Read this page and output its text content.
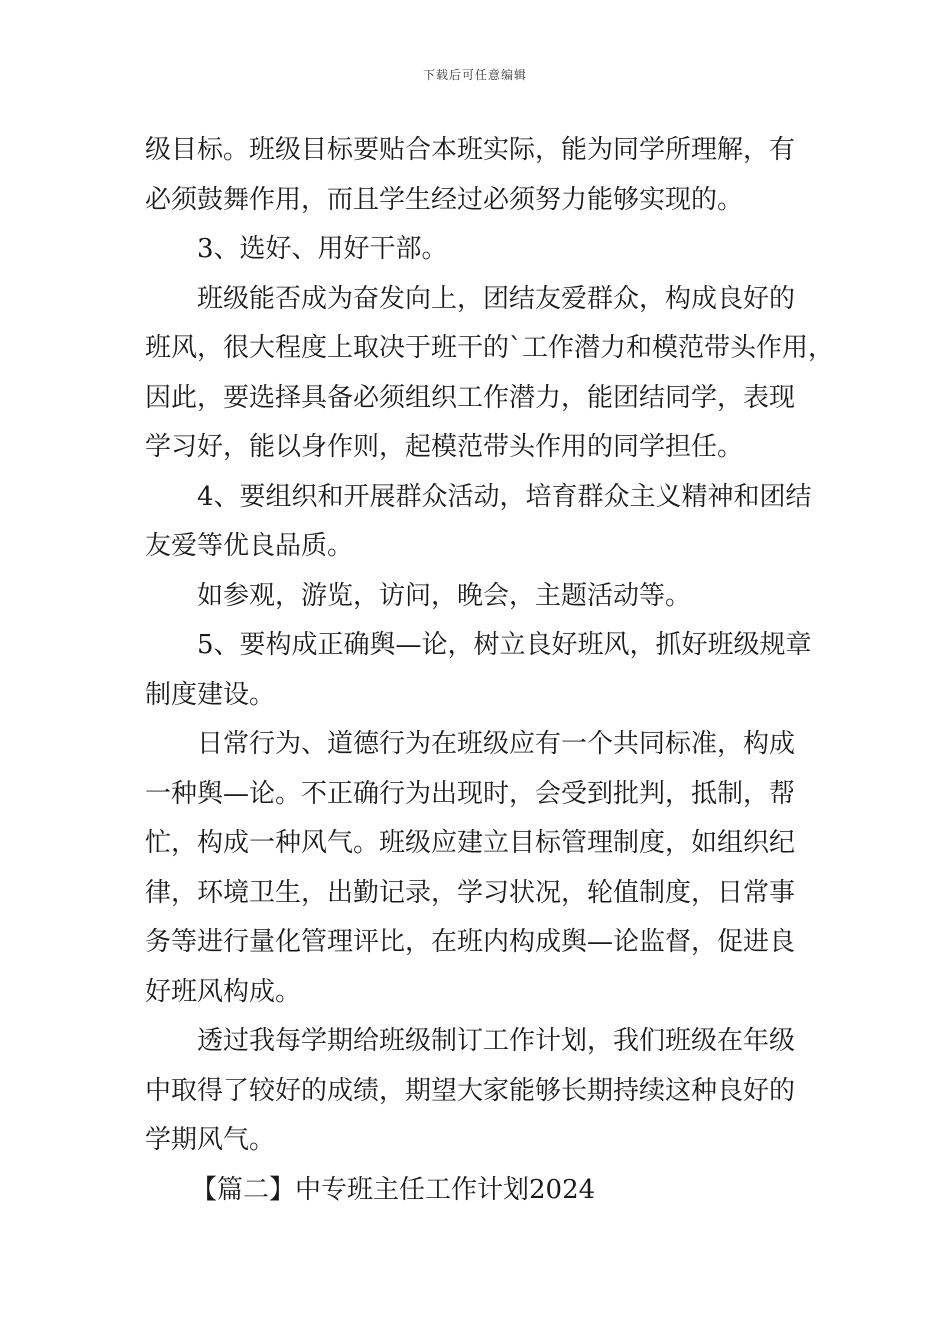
下载后可任意编辑
级目标。班级目标要贴合本班实际，能为同学所理解，有
必须鼓舞作用，而且学生经过必须努力能够实现的。
3、选好、用好干部。
班级能否成为奋发向上，团结友爱群众，构成良好的
班风，很大程度上取决于班干的`工作潜力和模范带头作用，
因此，要选择具备必须组织工作潜力，能团结同学，表现
学习好，能以身作则，起模范带头作用的同学担任。
4、要组织和开展群众活动，培育群众主义精神和团结
友爱等优良品质。
如参观，游览，访问，晚会，主题活动等。
5、要构成正确舆—论，树立良好班风，抓好班级规章
制度建设。
日常行为、道德行为在班级应有一个共同标准，构成
一种舆—论。不正确行为出现时，会受到批判，抵制，帮
忙，构成一种风气。班级应建立目标管理制度，如组织纪
律，环境卫生，出勤记录，学习状况，轮值制度，日常事
务等进行量化管理评比，在班内构成舆—论监督，促进良
好班风构成。
透过我每学期给班级制订工作计划，我们班级在年级
中取得了较好的成绩，期望大家能够长期持续这种良好的
学期风气。
【篇二】中专班主任工作计划2024
